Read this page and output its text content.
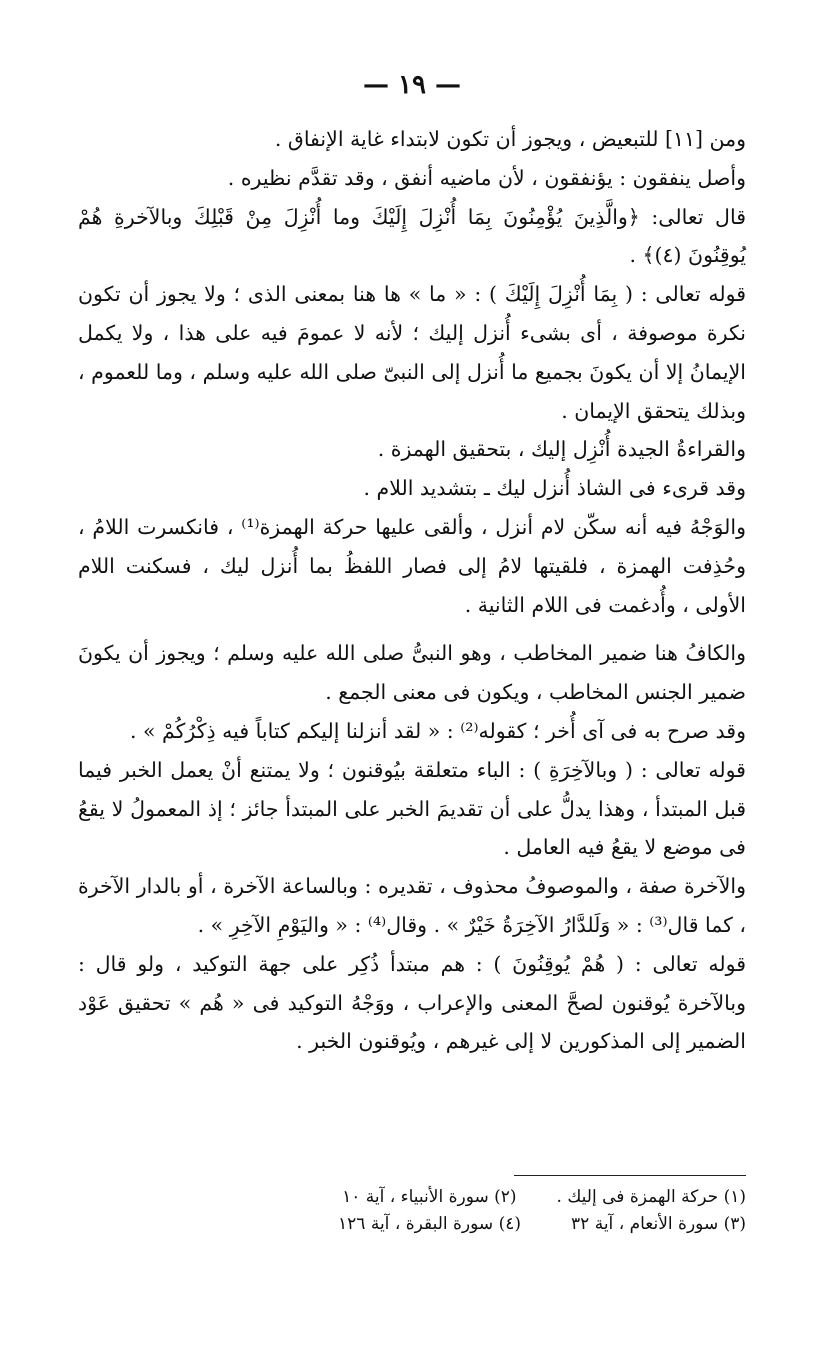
— ١٩ —

ومن [١١] للتبعيض ، ويجوز أن تكون لابتداء غاية الإنفاق .

وأصل ينفقون : يؤنفقون ، لأن ماضيه أنفق ، وقد تقدَّم نظيره .

قال تعالى: ﴿والَّذِينَ يُؤْمِنُونَ بِمَا أُنْزِلَ إِلَيْكَ وما أُنْزِلَ مِنْ قَبْلِكَ وبالآخرةِ هُمْ يُوقِنُونَ (٤)﴾ .

قوله تعالى : ( بِمَا أُنْزِلَ إِلَيْكَ ) : « ما » ها هنا بمعنى الذى ؛ ولا يجوز أن تكون نكرة موصوفة ، أى بشىء أُنزل إليك ؛ لأنه لا عمومَ فيه على هذا ، ولا يكمل الإيمانُ إلا أن يكونَ بجميع ما أُنزل إلى النبىّ صلى الله عليه وسلم ، وما للعموم ، وبذلك يتحقق الإيمان .

والقراءةُ الجيدة أُنْزِل إليك ، بتحقيق الهمزة .

وقد قرىء فى الشاذ أُنزل ليك ـ بتشديد اللام .

والوَجْهُ فيه أنه سكّن لام أنزل ، وألقى عليها حركة الهمزة⁽¹⁾ ، فانكسرت اللامُ ، وحُذِفت الهمزة ، فلقيتها لامُ إلى فصار اللفظُ بما أُنزل ليك ، فسكنت اللام الأولى ، وأُدغمت فى اللام الثانية .

والكافُ هنا ضمير المخاطب ، وهو النبىُّ صلى الله عليه وسلم ؛ ويجوز أن يكونَ ضمير الجنس المخاطب ، ويكون فى معنى الجمع .

وقد صرح به فى آى أُخر ؛ كقوله⁽²⁾ : « لقد أنزلنا إليكم كتاباً فيه ذِكْرُكُمْ » .

قوله تعالى : ( وبالآخِرَةِ ) : الباء متعلقة بيُوقنون ؛ ولا يمتنع أنْ يعمل الخبر فيما قبل المبتدأ ، وهذا يدلُّ على أن تقديمَ الخبر على المبتدأ جائز ؛ إذ المعمولُ لا يقعُ فى موضع لا يقعُ فيه العامل .

والآخرة صفة ، والموصوفُ محذوف ، تقديره : وبالساعة الآخرة ، أو بالدار الآخرة ، كما قال⁽³⁾ : « وَلَلدَّارُ الآخِرَةُ خَيْرٌ » . وقال⁽⁴⁾ : « واليَوْمِ الآخِرِ » .

قوله تعالى : ( هُمْ يُوقِنُونَ ) : هم مبتدأ ذُكِر على جهة التوكيد ، ولو قال : وبالآخرة يُوقنون لصحَّ المعنى والإعراب ، ووَجْهُ التوكيد فى « هُم » تحقيق عَوْد الضمير إلى المذكورين لا إلى غيرهم ، ويُوقنون الخبر .

(١) حركة الهمزة فى إليك .
(٢) سورة الأنبياء ، آية ١٠
(٣) سورة الأنعام ، آية ٣٢
(٤) سورة البقرة ، آية ١٢٦
